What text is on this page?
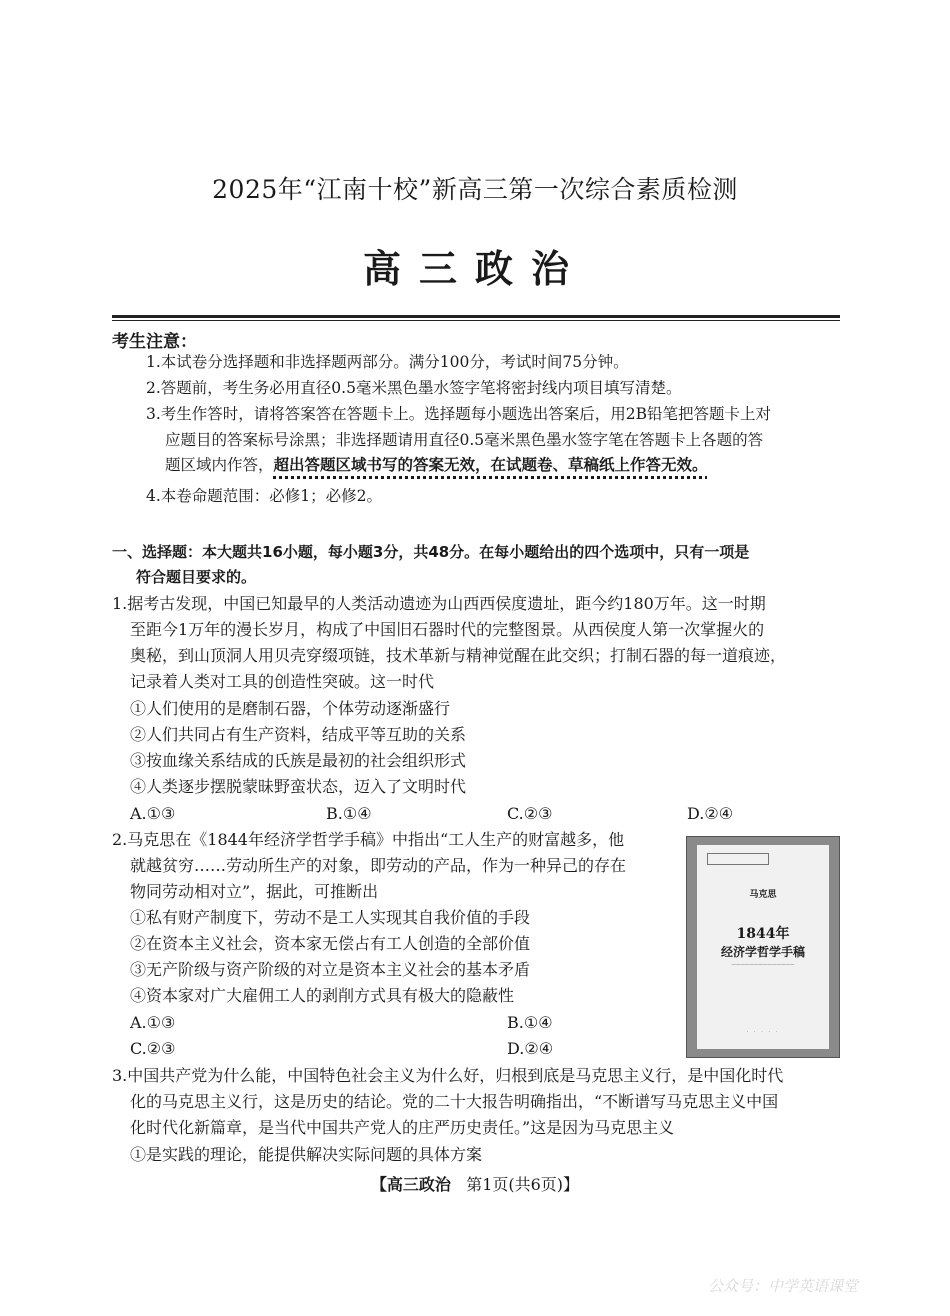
2025年“江南十校”新高三第一次综合素质检测
高三政治
考生注意：
1.本试卷分选择题和非选择题两部分。满分100分，考试时间75分钟。
2.答题前，考生务必用直径0.5毫米黑色墨水签字笔将密封线内项目填写清楚。
3.考生作答时，请将答案答在答题卡上。选择题每小题选出答案后，用2B铅笔把答题卡上对
应题目的答案标号涂黑；非选择题请用直径0.5毫米黑色墨水签字笔在答题卡上各题的答
题区域内作答，超出答题区域书写的答案无效，在试题卷、草稿纸上作答无效。
4.本卷命题范围：必修1；必修2。
一、选择题：本大题共16小题，每小题3分，共48分。在每小题给出的四个选项中，只有一项是
符合题目要求的。
1.据考古发现，中国已知最早的人类活动遗迹为山西西侯度遗址，距今约180万年。这一时期
至距今1万年的漫长岁月，构成了中国旧石器时代的完整图景。从西侯度人第一次掌握火的
奥秘，到山顶洞人用贝壳穿缀项链，技术革新与精神觉醒在此交织；打制石器的每一道痕迹，
记录着人类对工具的创造性突破。这一时代
①人们使用的是磨制石器，个体劳动逐渐盛行
②人们共同占有生产资料，结成平等互助的关系
③按血缘关系结成的氏族是最初的社会组织形式
④人类逐步摆脱蒙昧野蛮状态，迈入了文明时代
A.①③	B.①④	C.②③	D.②④
2.马克思在《1844年经济学哲学手稿》中指出“工人生产的财富越多，他
就越贫穷……劳动所生产的对象，即劳动的产品，作为一种异己的存在
物同劳动相对立”，据此，可推断出
①私有财产制度下，劳动不是工人实现其自我价值的手段
②在资本主义社会，资本家无偿占有工人创造的全部价值
③无产阶级与资产阶级的对立是资本主义社会的基本矛盾
④资本家对广大雇佣工人的剥削方式具有极大的隐蔽性
A.①③	B.①④
C.②③	D.②④
马克思
1844年
经济学哲学手稿
——————————————
· · · · ·
3.中国共产党为什么能，中国特色社会主义为什么好，归根到底是马克思主义行，是中国化时代
化的马克思主义行，这是历史的结论。党的二十大报告明确指出，“不断谱写马克思主义中国
化时代化新篇章，是当代中国共产党人的庄严历史责任。”这是因为马克思主义
①是实践的理论，能提供解决实际问题的具体方案
【高三政治 第1页(共6页)】
公众号：中学英语课堂
